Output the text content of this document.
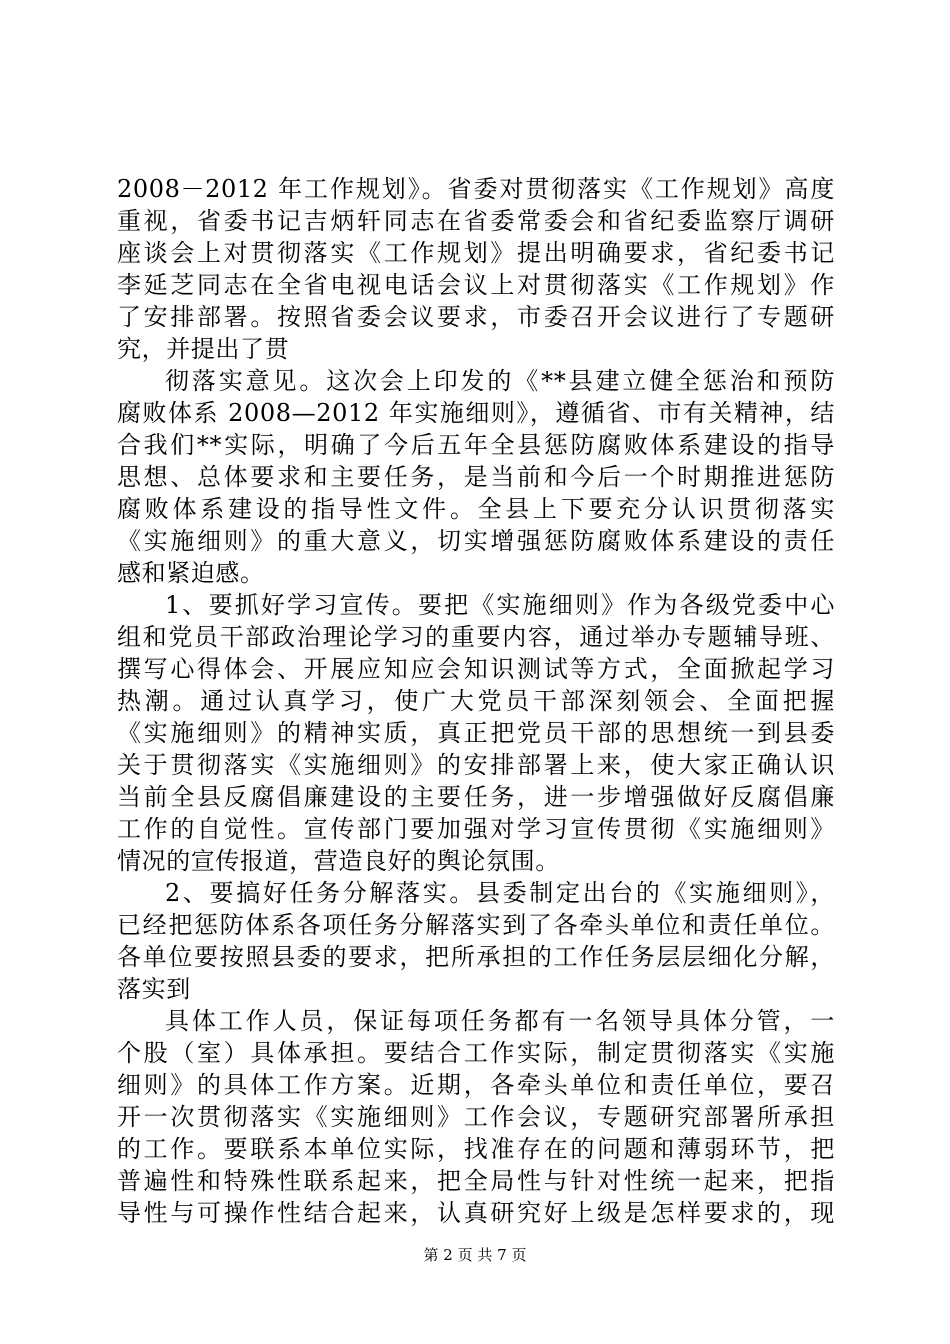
2008－2012 年工作规划》。省委对贯彻落实《工作规划》高度
重视，省委书记吉炳轩同志在省委常委会和省纪委监察厅调研
座谈会上对贯彻落实《工作规划》提出明确要求，省纪委书记
李延芝同志在全省电视电话会议上对贯彻落实《工作规划》作
了安排部署。按照省委会议要求，市委召开会议进行了专题研
究，并提出了贯
彻落实意见。这次会上印发的《**县建立健全惩治和预防
腐败体系 2008—2012 年实施细则》，遵循省、市有关精神，结
合我们**实际，明确了今后五年全县惩防腐败体系建设的指导
思想、总体要求和主要任务，是当前和今后一个时期推进惩防
腐败体系建设的指导性文件。全县上下要充分认识贯彻落实
《实施细则》的重大意义，切实增强惩防腐败体系建设的责任
感和紧迫感。
1、要抓好学习宣传。要把《实施细则》作为各级党委中心
组和党员干部政治理论学习的重要内容，通过举办专题辅导班、
撰写心得体会、开展应知应会知识测试等方式，全面掀起学习
热潮。通过认真学习，使广大党员干部深刻领会、全面把握
《实施细则》的精神实质，真正把党员干部的思想统一到县委
关于贯彻落实《实施细则》的安排部署上来，使大家正确认识
当前全县反腐倡廉建设的主要任务，进一步增强做好反腐倡廉
工作的自觉性。宣传部门要加强对学习宣传贯彻《实施细则》
情况的宣传报道，营造良好的舆论氛围。
2、要搞好任务分解落实。县委制定出台的《实施细则》，
已经把惩防体系各项任务分解落实到了各牵头单位和责任单位。
各单位要按照县委的要求，把所承担的工作任务层层细化分解，
落实到
具体工作人员，保证每项任务都有一名领导具体分管，一
个股（室）具体承担。要结合工作实际，制定贯彻落实《实施
细则》的具体工作方案。近期，各牵头单位和责任单位，要召
开一次贯彻落实《实施细则》工作会议，专题研究部署所承担
的工作。要联系本单位实际，找准存在的问题和薄弱环节，把
普遍性和特殊性联系起来，把全局性与针对性统一起来，把指
导性与可操作性结合起来，认真研究好上级是怎样要求的，现
第 2 页 共 7 页
